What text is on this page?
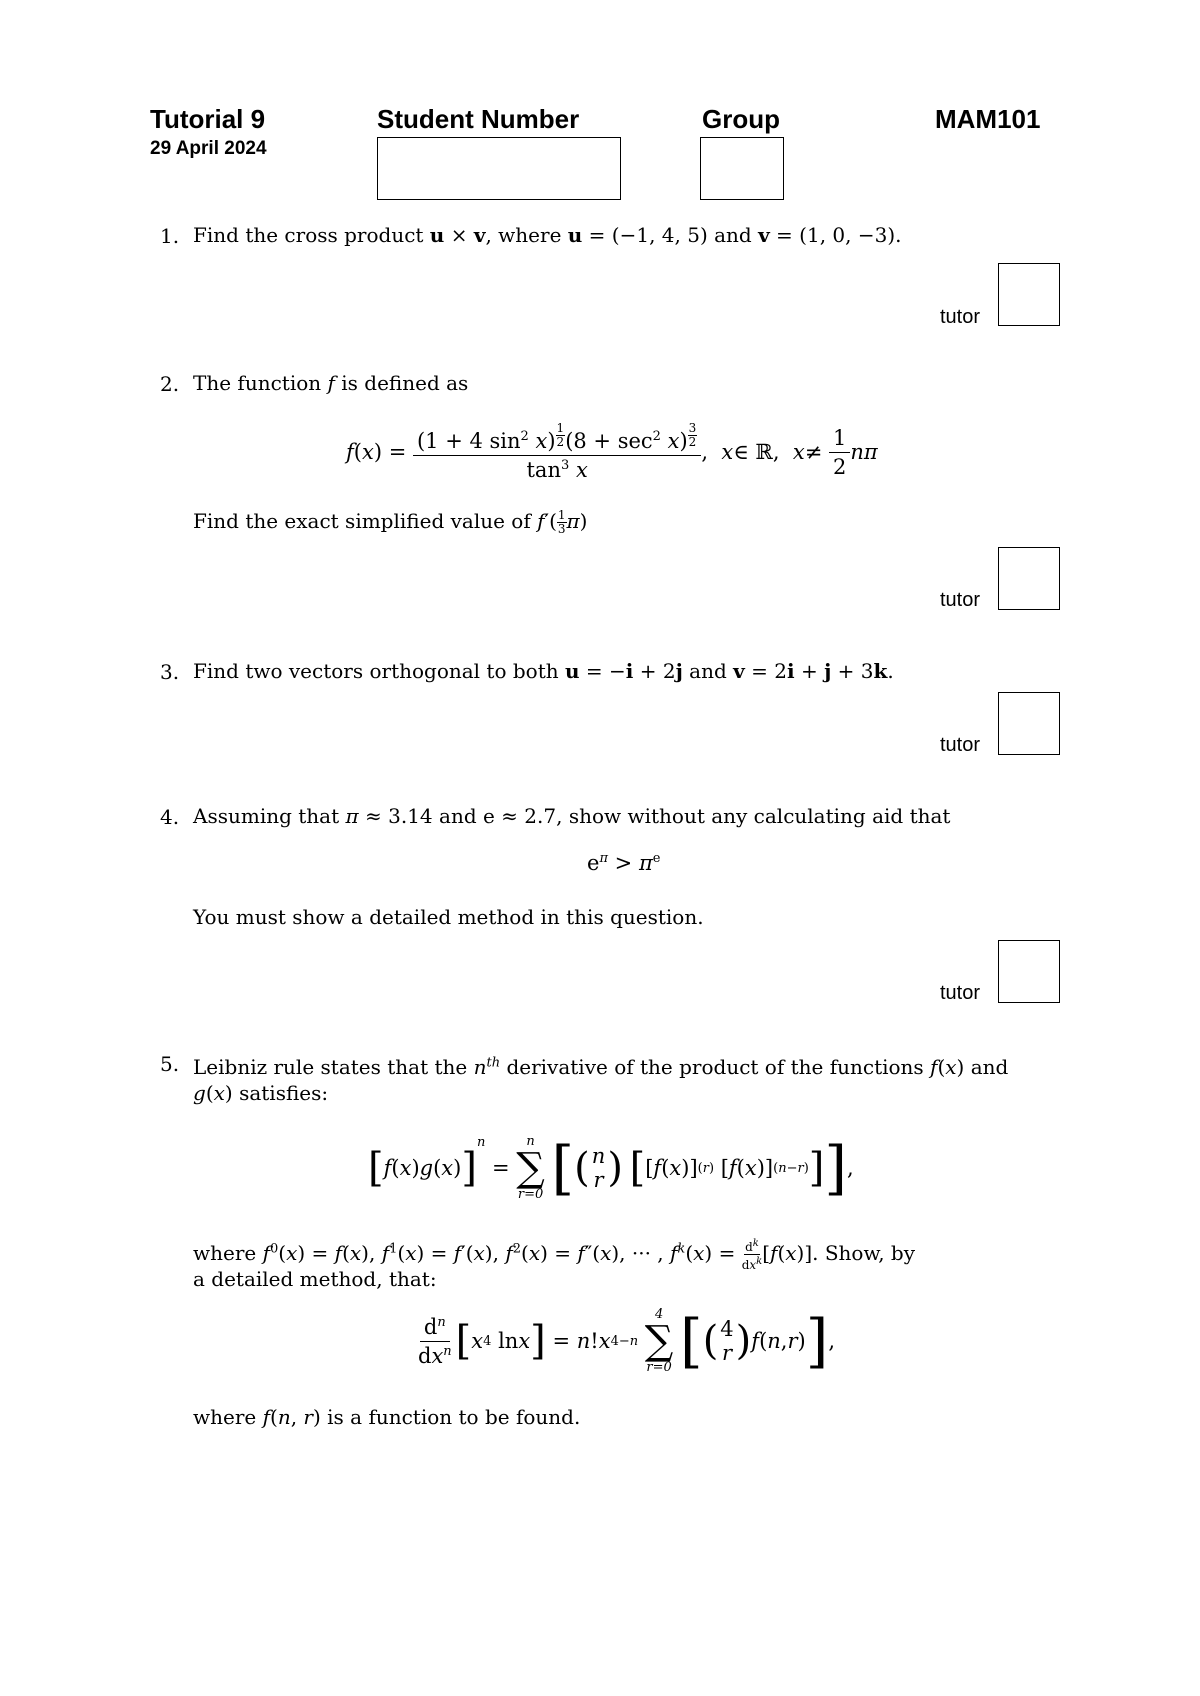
Tutorial 9
29 April 2024
Student Number	Group	MAM101
1. Find the cross product u × v, where u = (−1, 4, 5) and v = (1, 0, −3).
tutor
2. The function f is defined as
f ( x ) = (1 + 4 $\sin^2 x$) $^{\frac{1}{2}}$ $(8 + \sec^2 x)$ $^{\frac{3}{2}}$
$\tan^3 x$ , x ∈ ℝ, $x \ne \frac{1}{2}$ nπ
Find the exact simplified value of $f'( \frac{1}{3} \pi)$
tutor
3. Find two vectors orthogonal to both u = −i + 2j and v = 2i + j + 3k.
tutor
4. Assuming that π ≈ 3.14 and e ≈ 2.7, show without any calculating aid that
$e^\pi > \pi^e$
You must show a detailed method in this question.
tutor
5. Leibniz rule states that the $n^{th}$ derivative of the product of the functions f(x) and
g(x) satisfies:
[ f ( x ) g ( x ) ]
$^n$
=
n
∑
r=0
[ ( n
r )
[ [ f ( x )] (r) [ f ( x )] (n−r) ] ] ,
where $f^0(x) = f(x)$, $f^1(x) = f'(x)$, $f^2(x) = f''(x)$, ··· , $f^k(x) = d^k$
$dx^k$ [f(x)]. Show, by
a detailed method, that:
$\frac{d^n}{dx^n}$ [ x 4 ln x ] = n ! x 4−n

4
∑
r=0
[ ( 4
r ) f ( n , r ) ] ,
where f(n, r) is a function to be found.
